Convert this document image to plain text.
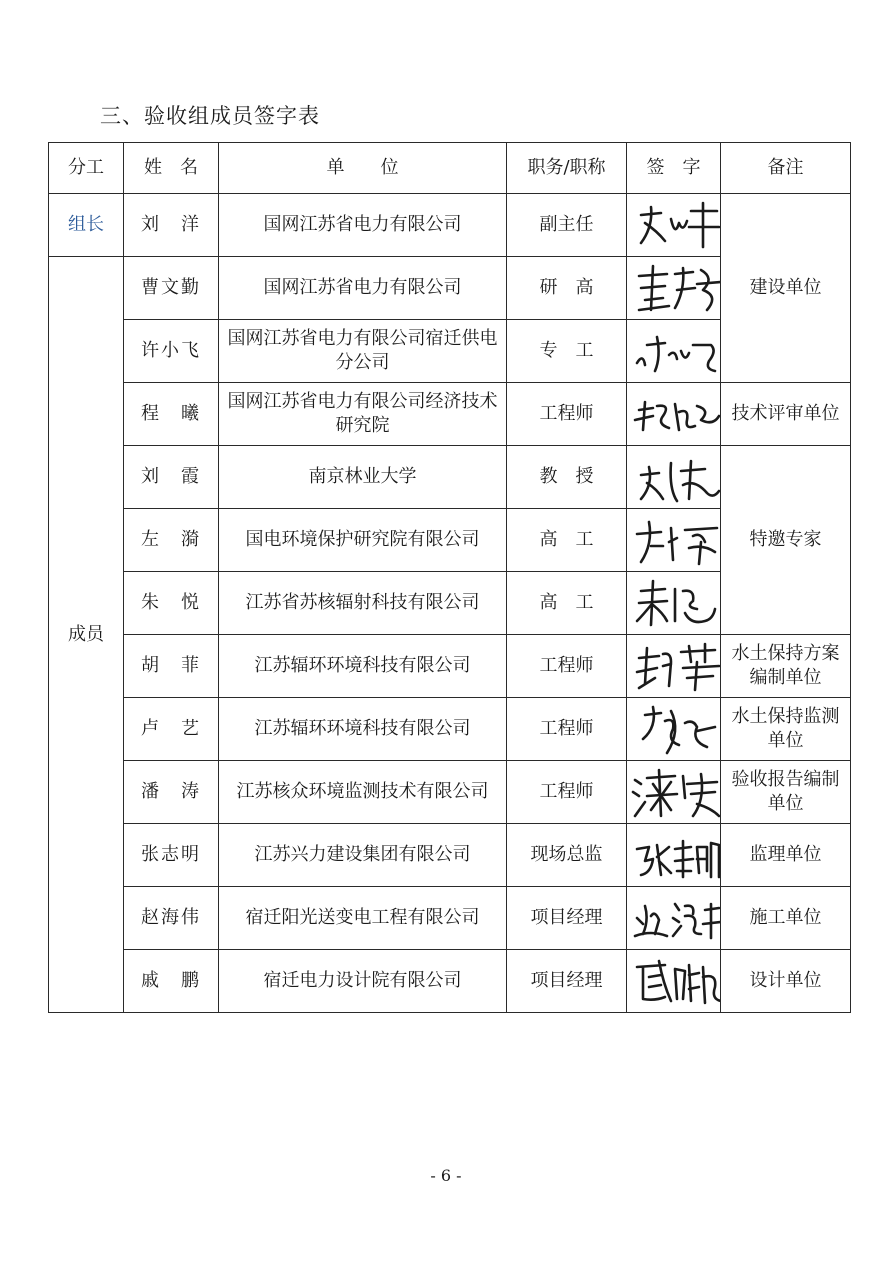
三、验收组成员签字表
分工	姓　名	单　　位	职务/职称	签　字	备注
组长	刘　洋	国网江苏省电力有限公司	副主任		建设单位
成员	曹文勤	国网江苏省电力有限公司	研　高	

	许小飞	国网江苏省电力有限公司宿迁供电分公司	专　工	

	程　曦	国网江苏省电力有限公司经济技术研究院	工程师		技术评审单位
	刘　霞	南京林业大学	教　授		特邀专家
	左　漪	国电环境保护研究院有限公司	高　工	

	朱　悦	江苏省苏核辐射科技有限公司	高　工	

	胡　菲	江苏辐环环境科技有限公司	工程师		水土保持方案编制单位
	卢　艺	江苏辐环环境科技有限公司	工程师		水土保持监测单位
	潘　涛	江苏核众环境监测技术有限公司	工程师		验收报告编制单位
	张志明	江苏兴力建设集团有限公司	现场总监		监理单位
	赵海伟	宿迁阳光送变电工程有限公司	项目经理		施工单位
	戚　鹏	宿迁电力设计院有限公司	项目经理		设计单位
- 6 -
